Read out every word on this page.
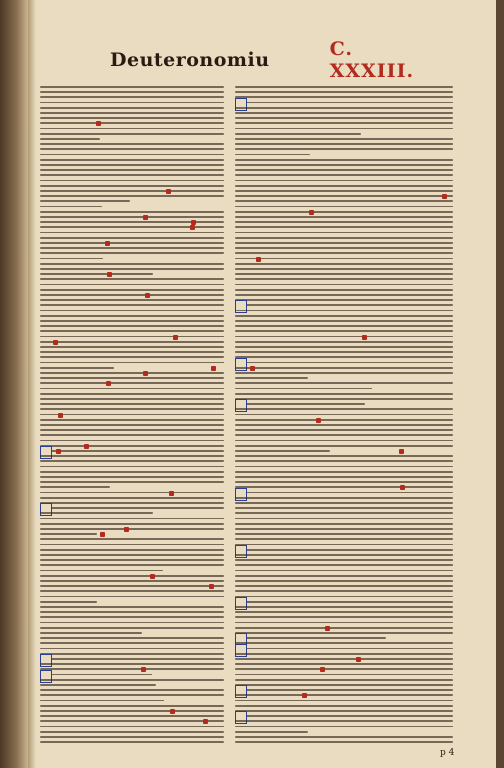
Deuteronomiu	C. XXXIII.
p 4
